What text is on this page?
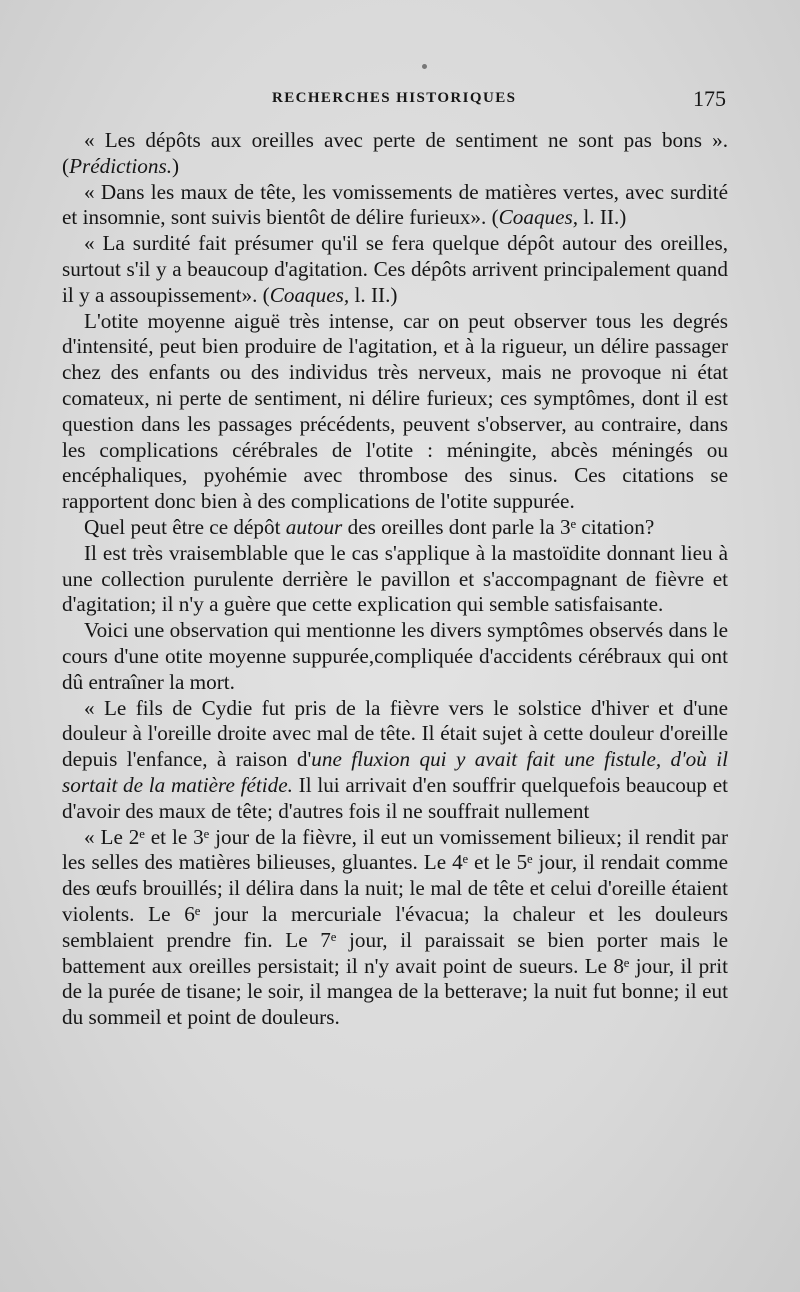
RECHERCHES HISTORIQUES	175

« Les dépôts aux oreilles avec perte de sentiment ne sont pas bons ». (Prédictions.)

« Dans les maux de tête, les vomissements de matières vertes, avec surdité et insomnie, sont suivis bientôt de délire furieux». (Coaques, l. II.)

« La surdité fait présumer qu'il se fera quelque dépôt autour des oreilles, surtout s'il y a beaucoup d'agitation. Ces dépôts arrivent principalement quand il y a assoupissement». (Coaques, l. II.)

L'otite moyenne aiguë très intense, car on peut observer tous les degrés d'intensité, peut bien produire de l'agitation, et à la rigueur, un délire passager chez des enfants ou des individus très nerveux, mais ne provoque ni état comateux, ni perte de sentiment, ni délire furieux; ces symptômes, dont il est question dans les passages précédents, peuvent s'observer, au contraire, dans les complications cérébrales de l'otite : méningite, abcès méningés ou encéphaliques, pyohémie avec thrombose des sinus. Ces citations se rapportent donc bien à des complications de l'otite suppurée.

Quel peut être ce dépôt autour des oreilles dont parle la 3ᵉ citation?

Il est très vraisemblable que le cas s'applique à la mastoïdite donnant lieu à une collection purulente derrière le pavillon et s'accompagnant de fièvre et d'agitation; il n'y a guère que cette explication qui semble satisfaisante.

Voici une observation qui mentionne les divers symptômes observés dans le cours d'une otite moyenne suppurée,compliquée d'accidents cérébraux qui ont dû entraîner la mort.

« Le fils de Cydie fut pris de la fièvre vers le solstice d'hiver et d'une douleur à l'oreille droite avec mal de tête. Il était sujet à cette douleur d'oreille depuis l'enfance, à raison d'une fluxion qui y avait fait une fistule, d'où il sortait de la matière fétide. Il lui arrivait d'en souffrir quelquefois beaucoup et d'avoir des maux de tête; d'autres fois il ne souffrait nullement

« Le 2ᵉ et le 3ᵉ jour de la fièvre, il eut un vomissement bilieux; il rendit par les selles des matières bilieuses, gluantes. Le 4ᵉ et le 5ᵉ jour, il rendait comme des œufs brouillés; il délira dans la nuit; le mal de tête et celui d'oreille étaient violents. Le 6ᵉ jour la mercuriale l'évacua; la chaleur et les douleurs semblaient prendre fin. Le 7ᵉ jour, il paraissait se bien porter mais le battement aux oreilles persistait; il n'y avait point de sueurs. Le 8ᵉ jour, il prit de la purée de tisane; le soir, il mangea de la betterave; la nuit fut bonne; il eut du sommeil et point de douleurs.
